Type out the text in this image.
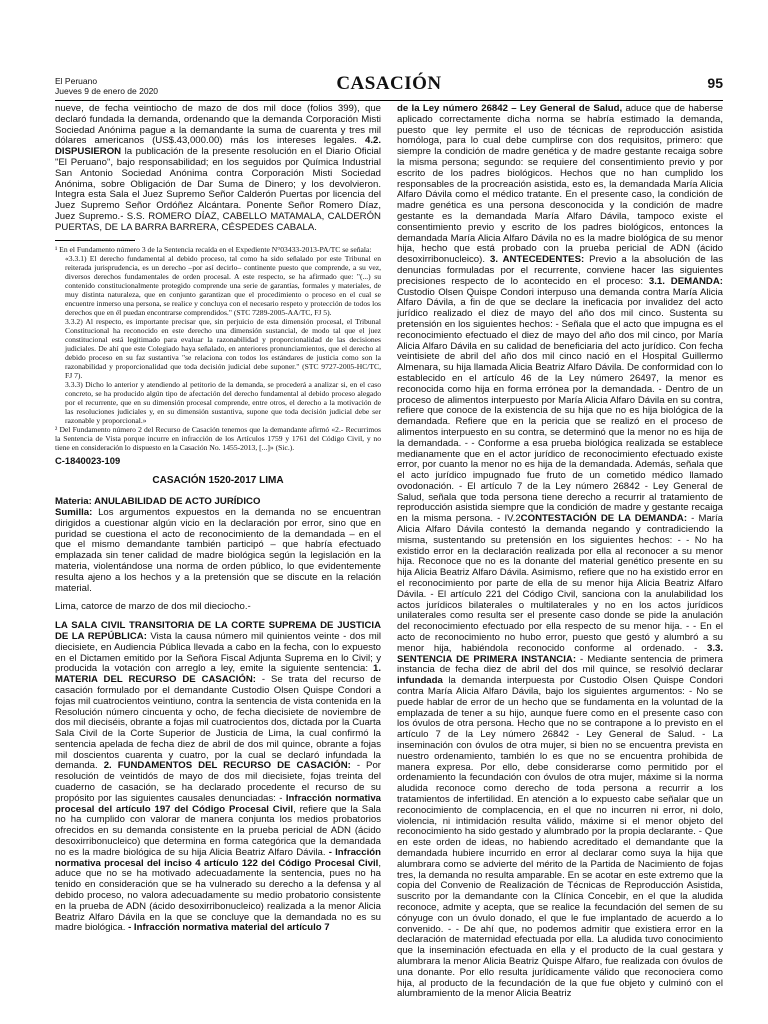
El Peruano
Jueves 9 de enero de 2020	CASACIÓN	95

nueve, de fecha veintiocho de mazo de dos mil doce (folios 399), que declaró fundada la demanda, ordenando que la demanda Corporación Misti Sociedad Anónima pague a la demandante la suma de cuarenta y tres mil dólares americanos (US$.43,000.00) más los intereses legales. 4.2. DISPUSIERON la publicación de la presente resolución en el Diario Oficial "El Peruano", bajo responsabilidad; en los seguidos por Química Industrial San Antonio Sociedad Anónima contra Corporación Misti Sociedad Anónima, sobre Obligación de Dar Suma de Dinero; y los devolvieron. Integra esta Sala el Juez Supremo Señor Calderón Puertas por licencia del Juez Supremo Señor Ordóñez Alcántara. Ponente Señor Romero Díaz, Juez Supremo.- S.S. ROMERO DÍAZ, CABELLO MATAMALA, CALDERÓN PUERTAS, DE LA BARRA BARRERA, CÉSPEDES CABALA.

¹ En el Fundamento número 3 de la Sentencia recaída en el Expediente N°03433-2013-PA/TC se señala:

«3.3.1) El derecho fundamental al debido proceso, tal como ha sido señalado por este Tribunal en reiterada jurisprudencia, es un derecho –por así decirlo– continente puesto que comprende, a su vez, diversos derechos fundamentales de orden procesal. A este respecto, se ha afirmado que: "(...) su contenido constitucionalmente protegido comprende una serie de garantías, formales y materiales, de muy distinta naturaleza, que en conjunto garantizan que el procedimiento o proceso en el cual se encuentre inmerso una persona, se realice y concluya con el necesario respeto y protección de todos los derechos que en él puedan encontrarse comprendidos." (STC 7289-2005-AA/TC, FJ 5).

3.3.2) Al respecto, es importante precisar que, sin perjuicio de esta dimensión procesal, el Tribunal Constitucional ha reconocido en este derecho una dimensión sustancial, de modo tal que el juez constitucional está legitimado para evaluar la razonabilidad y proporcionalidad de las decisiones judiciales. De ahí que este Colegiado haya señalado, en anteriores pronunciamientos, que el derecho al debido proceso en su faz sustantiva "se relaciona con todos los estándares de justicia como son la razonabilidad y proporcionalidad que toda decisión judicial debe suponer." (STC 9727-2005-HC/TC, FJ 7).

3.3.3) Dicho lo anterior y atendiendo al petitorio de la demanda, se procederá a analizar si, en el caso concreto, se ha producido algún tipo de afectación del derecho fundamental al debido proceso alegado por el recurrente, que en su dimensión procesal comprende, entre otros, el derecho a la motivación de las resoluciones judiciales y, en su dimensión sustantiva, supone que toda decisión judicial debe ser razonable y proporcional.»

² Del Fundamento número 2 del Recurso de Casación tenemos que la demandante afirmó «2.- Recurrimos la Sentencia de Vista porque incurre en infracción de los Artículos 1759 y 1761 del Código Civil, y no tiene en consideración lo dispuesto en la Casación No. 1455-2013, [...]» (Sic.).

C-1840023-109
CASACIÓN 1520-2017 LIMA

Materia: ANULABILIDAD DE ACTO JURÍDICO

Sumilla: Los argumentos expuestos en la demanda no se encuentran dirigidos a cuestionar algún vicio en la declaración por error, sino que en puridad se cuestiona el acto de reconocimiento de la demandada – en el que el mismo demandante también participó – que habría efectuado emplazada sin tener calidad de madre biológica según la legislación en la materia, violentándose una norma de orden público, lo que evidentemente resulta ajeno a los hechos y a la pretensión que se discute en la relación material.

Lima, catorce de marzo de dos mil dieciocho.-

LA SALA CIVIL TRANSITORIA DE LA CORTE SUPREMA DE JUSTICIA DE LA REPÚBLICA: Vista la causa número mil quinientos veinte - dos mil diecisiete, en Audiencia Pública llevada a cabo en la fecha, con lo expuesto en el Dictamen emitido por la Señora Fiscal Adjunta Suprema en lo Civil; y producida la votación con arreglo a ley, emite la siguiente sentencia: 1. MATERIA DEL RECURSO DE CASACIÓN: - Se trata del recurso de casación formulado por el demandante Custodio Olsen Quispe Condori a fojas mil cuatrocientos veintiuno, contra la sentencia de vista contenida en la Resolución número cincuenta y ocho, de fecha diecisiete de noviembre de dos mil dieciséis, obrante a fojas mil cuatrocientos dos, dictada por la Cuarta Sala Civil de la Corte Superior de Justicia de Lima, la cual confirmó la sentencia apelada de fecha diez de abril de dos mil quince, obrante a fojas mil doscientos cuarenta y cuatro, por la cual se declaró infundada la demanda. 2. FUNDAMENTOS DEL RECURSO DE CASACIÓN: - Por resolución de veintidós de mayo de dos mil diecisiete, fojas treinta del cuaderno de casación, se ha declarado procedente el recurso de su propósito por las siguientes causales denunciadas: - Infracción normativa procesal del artículo 197 del Código Procesal Civil, refiere que la Sala no ha cumplido con valorar de manera conjunta los medios probatorios ofrecidos en su demanda consistente en la prueba pericial de ADN (ácido desoxirribonucleico) que determina en forma categórica que la demandada no es la madre biológica de su hija Alicia Beatriz Alfaro Dávila. - Infracción normativa procesal del inciso 4 artículo 122 del Código Procesal Civil, aduce que no se ha motivado adecuadamente la sentencia, pues no ha tenido en consideración que se ha vulnerado su derecho a la defensa y al debido proceso, no valora adecuadamente su medio probatorio consistente en la prueba de ADN (ácido desoxirribonucleico) realizada a la menor Alicia Beatriz Alfaro Dávila en la que se concluye que la demandada no es su madre biológica. - Infracción normativa material del artículo 7

de la Ley número 26842 – Ley General de Salud, aduce que de haberse aplicado correctamente dicha norma se habría estimado la demanda, puesto que ley permite el uso de técnicas de reproducción asistida homóloga, para lo cual debe cumplirse con dos requisitos, primero: que siempre la condición de madre genética y de madre gestante recaiga sobre la misma persona; segundo: se requiere del consentimiento previo y por escrito de los padres biológicos. Hechos que no han cumplido los responsables de la procreación asistida, esto es, la demandada María Alicia Alfaro Dávila como el médico tratante. En el presente caso, la condición de madre genética es una persona desconocida y la condición de madre gestante es la demandada María Alfaro Dávila, tampoco existe el consentimiento previo y escrito de los padres biológicos, entonces la demandada María Alicia Alfaro Dávila no es la madre biológica de su menor hija, hecho que está probado con la prueba pericial de ADN (ácido desoxirribonucleico). 3. ANTECEDENTES: Previo a la absolución de las denuncias formuladas por el recurrente, conviene hacer las siguientes precisiones respecto de lo acontecido en el proceso: 3.1. DEMANDA: Custodio Olsen Quispe Condori interpuso una demanda contra María Alicia Alfaro Dávila, a fin de que se declare la ineficacia por invalidez del acto jurídico realizado el diez de mayo del año dos mil cinco. Sustenta su pretensión en los siguientes hechos: - Señala que el acto que impugna es el reconocimiento efectuado el diez de mayo del año dos mil cinco, por María Alicia Alfaro Dávila en su calidad de beneficiaria del acto jurídico. Con fecha veintisiete de abril del año dos mil cinco nació en el Hospital Guillermo Almenara, su hija llamada Alicia Beatriz Alfaro Dávila. De conformidad con lo establecido en el artículo 46 de la Ley número 26497, la menor es reconocida como hija en forma errónea por la demandada. - Dentro de un proceso de alimentos interpuesto por María Alicia Alfaro Dávila en su contra, refiere que conoce de la existencia de su hija que no es hija biológica de la demandada. Refiere que en la pericia que se realizó en el proceso de alimentos interpuesto en su contra, se determinó que la menor no es hija de la demandada. - - Conforme a esa prueba biológica realizada se establece medianamente que en el actor jurídico de reconocimiento efectuado existe error, por cuanto la menor no es hija de la demandada. Además, señala que el acto jurídico impugnado fue fruto de un cometido médico llamado ovodonación. - El artículo 7 de la Ley número 26842 - Ley General de Salud, señala que toda persona tiene derecho a recurrir al tratamiento de reproducción asistida siempre que la condición de madre y gestante recaiga en la misma persona. - IV.2CONTESTACIÓN DE LA DEMANDA: - María Alicia Alfaro Dávila contestó la demanda negando y contradiciendo la misma, sustentando su pretensión en los siguientes hechos: - - No ha existido error en la declaración realizada por ella al reconocer a su menor hija. Reconoce que no es la donante del material genético presente en su hija Alicia Beatriz Alfaro Dávila. Asimismo, refiere que no ha existido error en el reconocimiento por parte de ella de su menor hija Alicia Beatriz Alfaro Dávila. - El artículo 221 del Código Civil, sanciona con la anulabilidad los actos jurídicos bilaterales o multilaterales y no en los actos jurídicos unilaterales como resulta ser el presente caso donde se pide la anulación del reconocimiento efectuado por ella respecto de su menor hija. - - En el acto de reconocimiento no hubo error, puesto que gestó y alumbró a su menor hija, habiéndola reconocido conforme al ordenado. - 3.3. SENTENCIA DE PRIMERA INSTANCIA: - Mediante sentencia de primera instancia de fecha diez de abril del dos mil quince, se resolvió declarar infundada la demanda interpuesta por Custodio Olsen Quispe Condori contra María Alicia Alfaro Dávila, bajo los siguientes argumentos: - No se puede hablar de error de un hecho que se fundamenta en la voluntad de la emplazada de tener a su hijo, aunque fuere como en el presente caso con los óvulos de otra persona. Hecho que no se contrapone a lo previsto en el artículo 7 de la Ley número 26842 - Ley General de Salud. - La inseminación con óvulos de otra mujer, si bien no se encuentra prevista en nuestro ordenamiento, también lo es que no se encuentra prohibida de manera expresa. Por ello, debe considerarse como permitido por el ordenamiento la fecundación con óvulos de otra mujer, máxime si la norma aludida reconoce como derecho de toda persona a recurrir a los tratamientos de infertilidad. En atención a lo expuesto cabe señalar que un reconocimiento de complacencia, en el que no incurren ni error, ni dolo, violencia, ni intimidación resulta válido, máxime si el menor objeto del reconocimiento ha sido gestado y alumbrado por la propia declarante. - Que en este orden de ideas, no habiendo acreditado el demandante que la demandada hubiere incurrido en error al declarar como suya la hija que alumbrara como se advierte del mérito de la Partida de Nacimiento de fojas tres, la demanda no resulta amparable. En se acotar en este extremo que la copia del Convenio de Realización de Técnicas de Reproducción Asistida, suscrito por la demandante con la Clínica Concebir, en el que la aludida reconoce, admite y acepta, que se realice la fecundación del semen de su cónyuge con un óvulo donado, el que le fue implantado de acuerdo a lo convenido. - - De ahí que, no podemos admitir que existiera error en la declaración de maternidad efectuada por ella. La aludida tuvo conocimiento que la inseminación efectuada en ella y el producto de la cual gestara y alumbrara la menor Alicia Beatriz Quispe Alfaro, fue realizada con óvulos de una donante. Por ello resulta jurídicamente válido que reconociera como hija, al producto de la fecundación de la que fue objeto y culminó con el alumbramiento de la menor Alicia Beatriz
